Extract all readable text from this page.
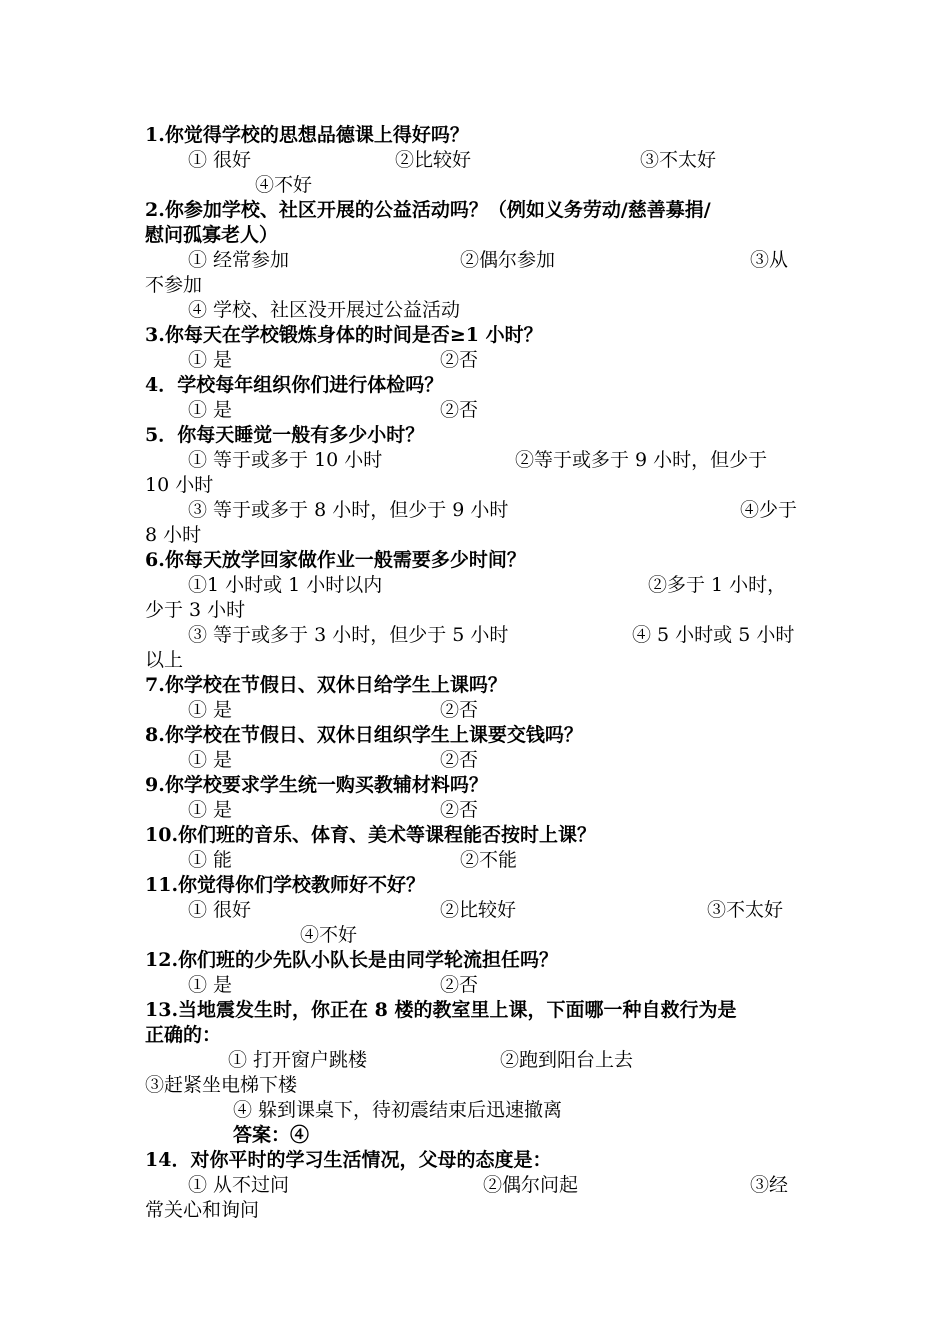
1.你觉得学校的思想品德课上得好吗？
① 很好	②比较好	③不太好
④不好
2.你参加学校、社区开展的公益活动吗？（例如义务劳动/慈善募捐/
慰问孤寡老人）
① 经常参加	②偶尔参加	③从
不参加
④ 学校、社区没开展过公益活动
3.你每天在学校锻炼身体的时间是否≥1 小时？
① 是	②否
4．学校每年组织你们进行体检吗？
① 是	②否
5．你每天睡觉一般有多少小时？
① 等于或多于 10 小时	②等于或多于 9 小时，但少于
10 小时
③ 等于或多于 8 小时，但少于 9 小时	④少于
8 小时
6.你每天放学回家做作业一般需要多少时间？
①1 小时或 1 小时以内	②多于 1 小时，
少于 3 小时
③ 等于或多于 3 小时，但少于 5 小时	④ 5 小时或 5 小时
以上
7.你学校在节假日、双休日给学生上课吗？
① 是	②否
8.你学校在节假日、双休日组织学生上课要交钱吗？
① 是	②否
9.你学校要求学生统一购买教辅材料吗？
① 是	②否
10.你们班的音乐、体育、美术等课程能否按时上课？
① 能	②不能
11.你觉得你们学校教师好不好？
① 很好	②比较好	③不太好
④不好
12.你们班的少先队小队长是由同学轮流担任吗？
① 是	②否
13.当地震发生时，你正在 8 楼的教室里上课，下面哪一种自救行为是
正确的：
① 打开窗户跳楼	②跑到阳台上去
③赶紧坐电梯下楼
④ 躲到课桌下，待初震结束后迅速撤离
答案：④
14．对你平时的学习生活情况，父母的态度是：
① 从不过问	②偶尔问起	③经
常关心和询问
